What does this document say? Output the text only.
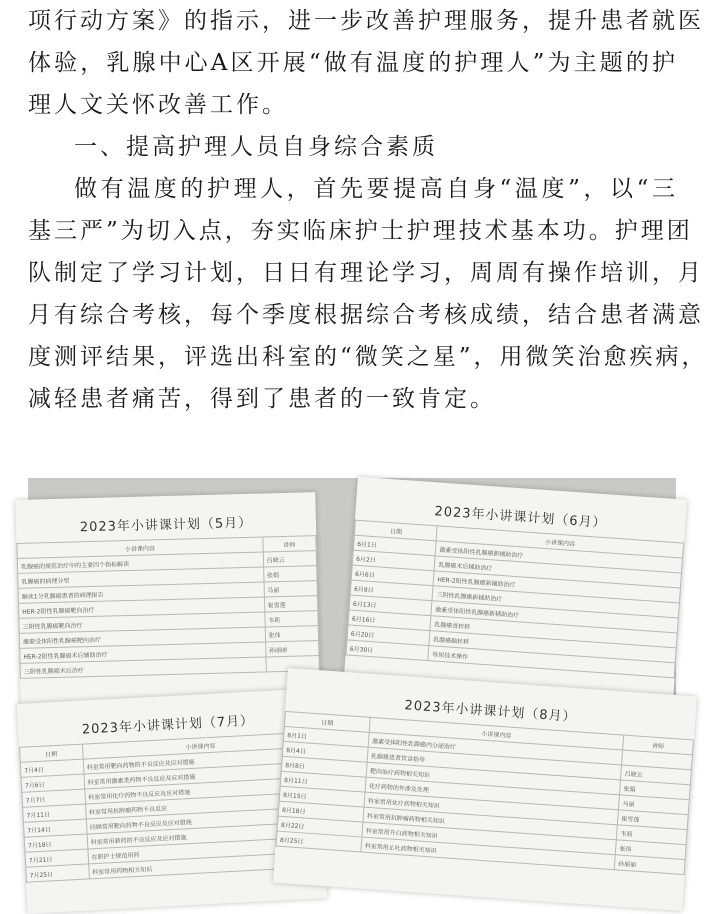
项行动方案》的指示，进一步改善护理服务，提升患者就医
体验，乳腺中心A区开展“做有温度的护理人”为主题的护
理人文关怀改善工作。

一、提高护理人员自身综合素质

做有温度的护理人，首先要提高自身“温度”，以“三
基三严”为切入点，夯实临床护士护理技术基本功。护理团
队制定了学习计划，日日有理论学习，周周有操作培训，月
月有综合考核，每个季度根据综合考核成绩，结合患者满意
度测评结果，评选出科室的“微笑之星”，用微笑治愈疾病，
减轻患者痛苦，得到了患者的一致肯定。

2023年小讲课计划（5月）
小讲课内容	讲师
乳腺癌的规范治疗中的主要四个指标解读	吕晓云
乳腺癌的病理分型	张娟
解读1分乳腺癌患者的病理报告	马丽
HER-2阳性乳腺癌靶向治疗	崔雪莲
三阴性乳腺癌靶向治疗	韦莉
激素受体阳性乳腺癌靶向治疗	张伟
HER-2阳性乳腺癌术后辅助治疗	孙丽丽
三阴性乳腺癌术后治疗	
2023年小讲课计划（6月）
日期	小讲课内容
6月1日	激素受体阳性乳腺癌新辅助治疗
6月2日	乳腺癌术后辅助治疗
6月6日	HER-2阳性乳腺癌新辅助治疗
6月8日	三阴性乳腺癌新辅助治疗
6月13日	激素受体阳性乳腺癌新辅助治疗
6月16日	乳腺癌骨转移
6月20日	乳腺癌脑转移
6月30日	导尿技术操作
2023年小讲课计划（7月）
日期	小讲课内容
7月4日	科室常用靶向药物的不良反应及应对措施
7月6日	科室常用激素类药物不良反应及应对措施
7月7日	科室常用化疗药物不良反应及应对措施
7月11日	科室常用抗肿瘤药物不良反应
7月14日	回顾常用靶向药物不良反应及应对措施
7月18日	科室常用新药的不良反应及应对措施
7月21日	在职护士规范用药
7月25日	科室常用药物相关知识
2023年小讲课计划（8月）
日期	小讲课内容	讲师
8月1日	激素受体阳性乳腺癌内分泌治疗	
8月4日	乳腺癌患者饮食指导	吕晓云
8月8日	靶向治疗药物相关知识	张娟
8月11日	化疗药物的外渗及处理	马丽
8月15日	科室常用化疗药物相关知识	崔雪莲
8月18日	科室常用抗肿瘤药物相关知识	韦莉
8月22日	科室常用升白药物相关知识	张伟
8月25日	科室常用止吐药物相关知识	孙丽丽
